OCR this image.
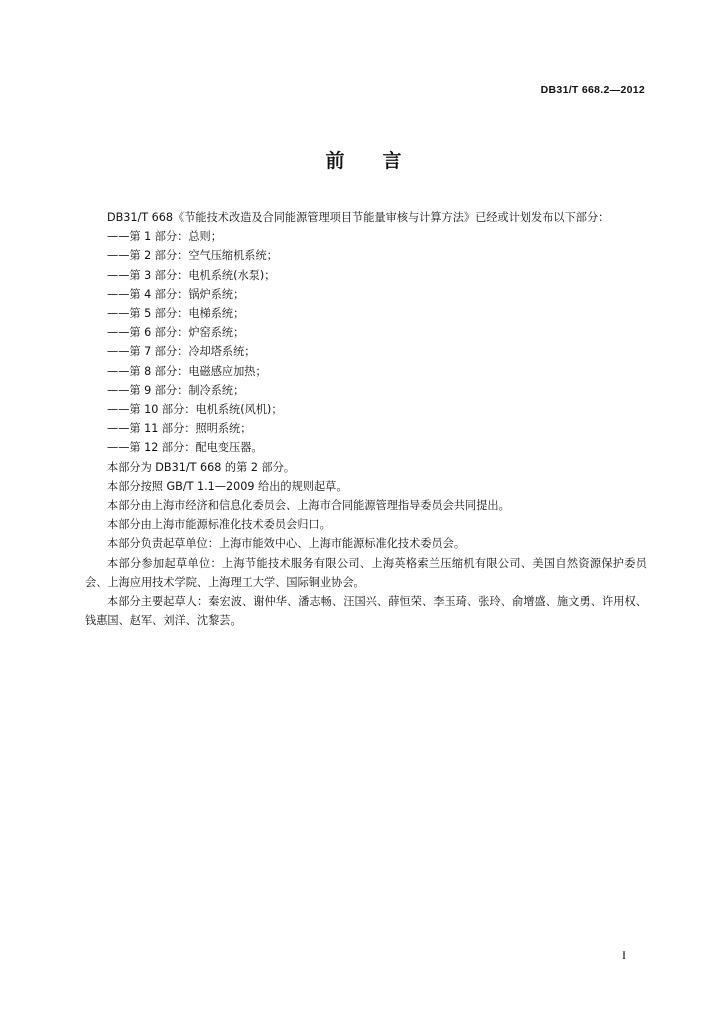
DB31/T 668.2—2012
前言

DB31/T 668《节能技术改造及合同能源管理项目节能量审核与计算方法》已经或计划发布以下部分：

——第 1 部分：总则；

——第 2 部分：空气压缩机系统；

——第 3 部分：电机系统(水泵)；

——第 4 部分：锅炉系统；

——第 5 部分：电梯系统；

——第 6 部分：炉窑系统；

——第 7 部分：冷却塔系统；

——第 8 部分：电磁感应加热；

——第 9 部分：制冷系统；

——第 10 部分：电机系统(风机)；

——第 11 部分：照明系统；

——第 12 部分：配电变压器。

本部分为 DB31/T 668 的第 2 部分。

本部分按照 GB/T 1.1—2009 给出的规则起草。

本部分由上海市经济和信息化委员会、上海市合同能源管理指导委员会共同提出。

本部分由上海市能源标准化技术委员会归口。

本部分负责起草单位：上海市能效中心、上海市能源标准化技术委员会。

本部分参加起草单位：上海节能技术服务有限公司、上海英格索兰压缩机有限公司、美国自然资源保护委员会、上海应用技术学院、上海理工大学、国际铜业协会。

本部分主要起草人：秦宏波、谢仲华、潘志畅、汪国兴、薛恒荣、李玉琦、张玲、俞增盛、施文勇、许用权、钱惠国、赵军、刘洋、沈黎芸。

I
